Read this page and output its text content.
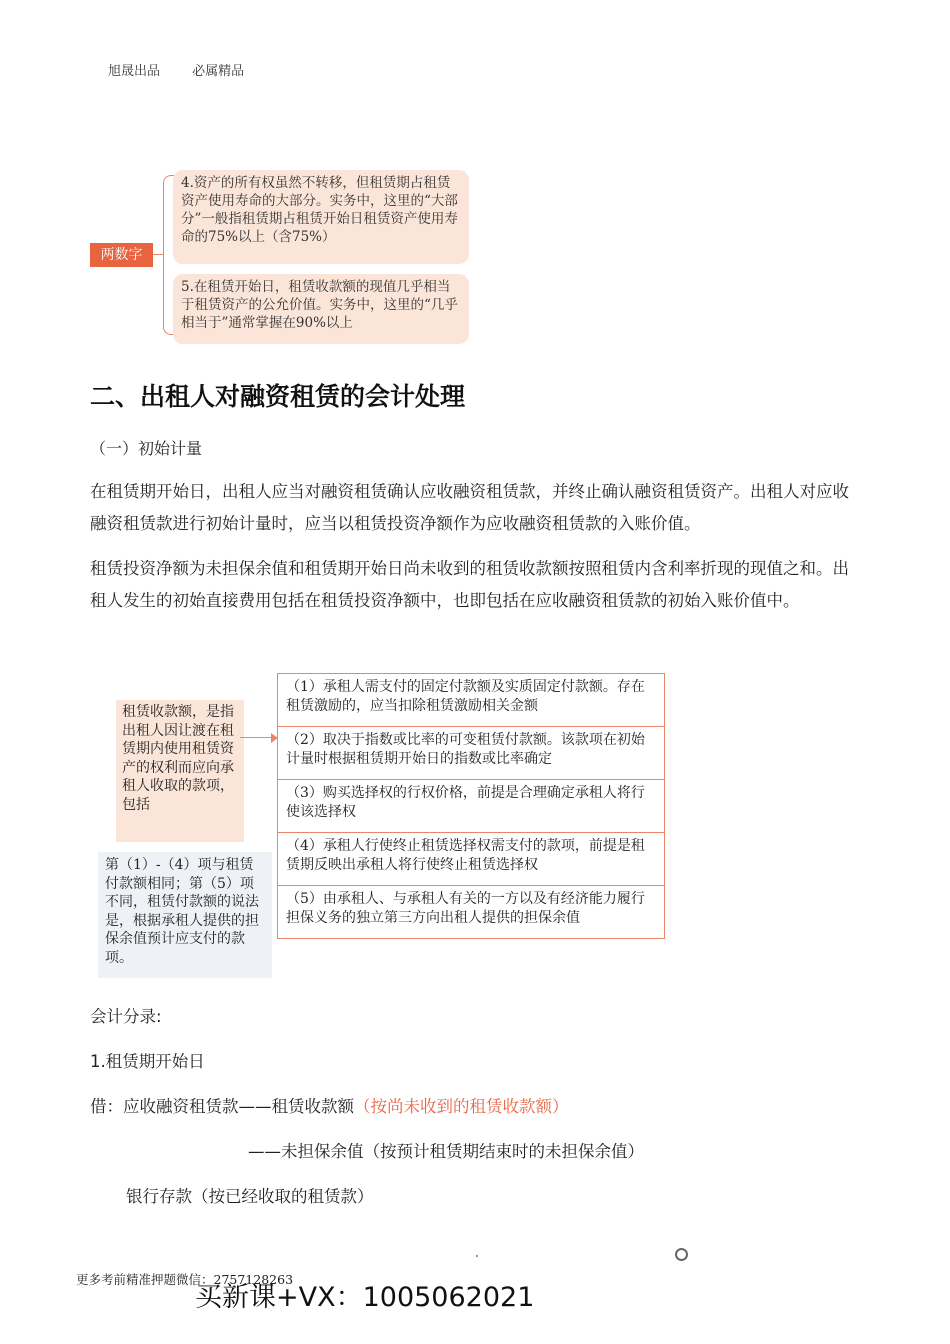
旭晟出品 必属精品
两数字
4.资产的所有权虽然不转移，但租赁期占租赁资产使用寿命的大部分。实务中，这里的“大部分”一般指租赁期占租赁开始日租赁资产使用寿命的75%以上（含75%）
5.在租赁开始日，租赁收款额的现值几乎相当于租赁资产的公允价值。实务中，这里的“几乎相当于”通常掌握在90%以上
二、出租人对融资租赁的会计处理
（一）初始计量
在租赁期开始日，出租人应当对融资租赁确认应收融资租赁款，并终止确认融资租赁资产。出租人对应收融资租赁款进行初始计量时，应当以租赁投资净额作为应收融资租赁款的入账价值。
租赁投资净额为未担保余值和租赁期开始日尚未收到的租赁收款额按照租赁内含利率折现的现值之和。出租人发生的初始直接费用包括在租赁投资净额中，也即包括在应收融资租赁款的初始入账价值中。
租赁收款额，是指出租人因让渡在租赁期内使用租赁资产的权利而应向承租人收取的款项，包括
第（1）-（4）项与租赁付款额相同；第（5）项不同，租赁付款额的说法是，根据承租人提供的担保余值预计应支付的款项。
（1）承租人需支付的固定付款额及实质固定付款额。存在租赁激励的，应当扣除租赁激励相关金额
（2）取决于指数或比率的可变租赁付款额。该款项在初始计量时根据租赁期开始日的指数或比率确定
（3）购买选择权的行权价格，前提是合理确定承租人将行使该选择权
（4）承租人行使终止租赁选择权需支付的款项，前提是租赁期反映出承租人将行使终止租赁选择权
（5）由承租人、与承租人有关的一方以及有经济能力履行担保义务的独立第三方向出租人提供的担保余值
会计分录:
1.租赁期开始日
借：应收融资租赁款——租赁收款额（按尚未收到的租赁收款额）
——未担保余值（按预计租赁期结束时的未担保余值）
银行存款（按已经收取的租赁款）
更多考前精准押题微信：2757128263
买新课+VX：1005062021
